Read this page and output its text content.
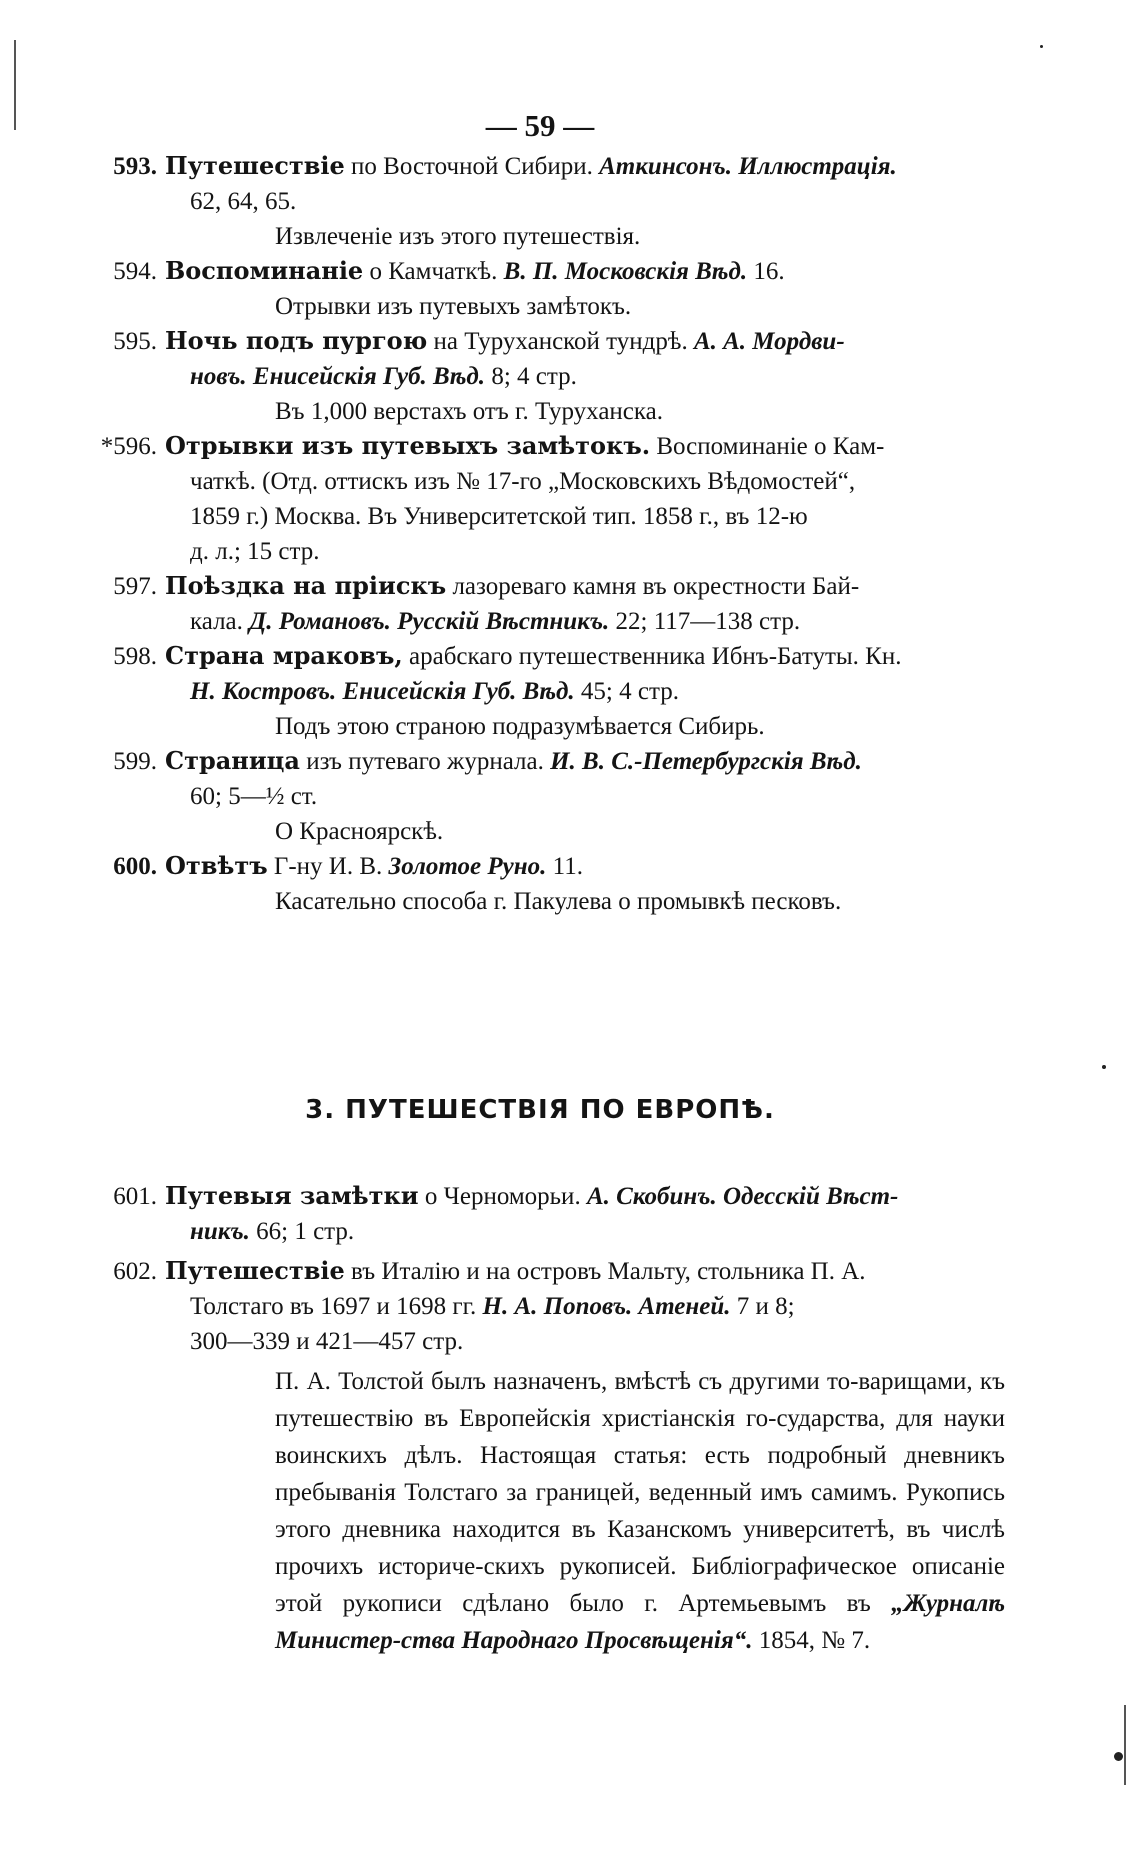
— 59 —
593. Путешествіе по Восточной Сибири. Аткинсонъ. Иллюстрація.
62, 64, 65.
Извлеченіе изъ этого путешествія.
594. Воспоминаніе о Камчаткѣ. В. П. Московскія Вѣд. 16.
Отрывки изъ путевыхъ замѣтокъ.
595. Ночь подъ пургою на Туруханской тундрѣ. А. А. Мордви-
новъ. Енисейскія Губ. Вѣд. 8; 4 стр.
Въ 1,000 верстахъ отъ г. Туруханска.
*596. Отрывки изъ путевыхъ замѣтокъ. Воспоминаніе о Кам-
чаткѣ. (Отд. оттискъ изъ № 17-го „Московскихъ Вѣдомостей“,
1859 г.) Москва. Въ Университетской тип. 1858 г., въ 12-ю
д. л.; 15 стр.
597. Поѣздка на пріискъ лазореваго камня въ окрестности Бай-
кала. Д. Романовъ. Русскій Вѣстникъ. 22; 117—138 стр.
598. Страна мраковъ, арабскаго путешественника Ибнъ-Батуты. Кн.
Н. Костровъ. Енисейскія Губ. Вѣд. 45; 4 стр.
Подъ этою страною подразумѣвается Сибирь.
599. Страница изъ путеваго журнала. И. В. С.-Петербургскія Вѣд.
60; 5—½ ст.
О Красноярскѣ.
600. Отвѣтъ Г-ну И. В. Золотое Руно. 11.
Касательно способа г. Пакулева о промывкѣ песковъ.
3. ПУТЕШЕСТВІЯ ПО ЕВРОПѢ.
601. Путевыя замѣтки о Черноморьи. А. Скобинъ. Одесскій Вѣст-
никъ. 66; 1 стр.
602. Путешествіе въ Италію и на островъ Мальту, стольника П. А.
Толстаго въ 1697 и 1698 гг. Н. А. Поповъ. Атеней. 7 и 8;
300—339 и 421—457 стр.
П. А. Толстой былъ назначенъ, вмѣстѣ съ другими то-варищами, къ путешествію въ Европейскія христіанскія го-сударства, для науки воинскихъ дѣлъ. Настоящая статья: есть подробный дневникъ пребыванія Толстаго за границей, веденный имъ самимъ. Рукопись этого дневника находится въ Казанскомъ университетѣ, въ числѣ прочихъ историче-скихъ рукописей. Библіографическое описаніе этой рукописи сдѣлано было г. Артемьевымъ въ „Журналѣ Министер-ства Народнаго Просвѣщенія“. 1854, № 7.
